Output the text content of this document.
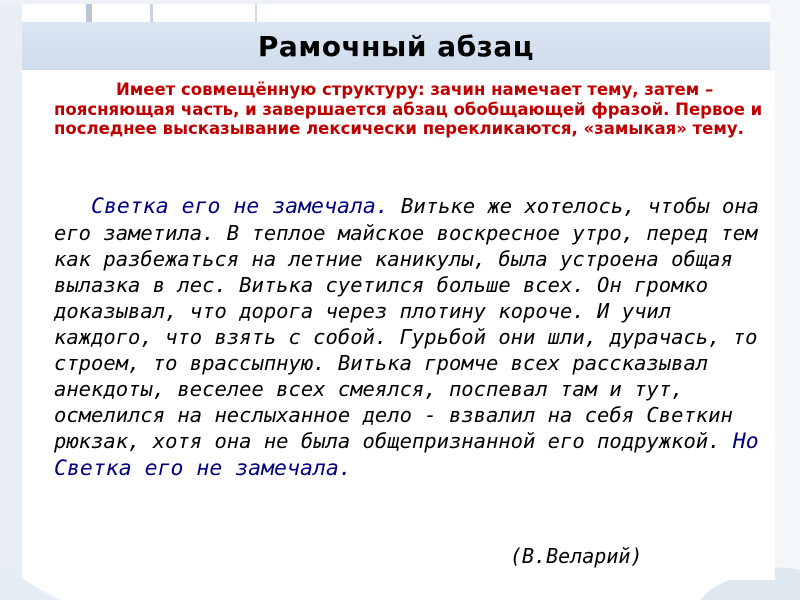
Рамочный абзац

Имеет совмещённую структуру: зачин намечает тему, затем – поясняющая часть, и завершается абзац обобщающей фразой. Первое и последнее высказывание лексически перекликаются, «замыкая» тему.

Светка его не замечала. Витьке же хотелось, чтобы она его заметила. В теплое майское воскресное утро, перед тем как разбежаться на летние каникулы, была устроена общая вылазка в лес. Витька суетился больше всех. Он громко доказывал, что дорога через плотину короче. И учил каждого, что взять с собой. Гурьбой они шли, дурачась, то строем, то врассыпную. Витька громче всех рассказывал анекдоты, веселее всех смеялся, поспевал там и тут, осмелился на неслыханное дело - взвалил на себя Светкин рюкзак, хотя она не была общепризнанной его подружкой. Но Светка его не замечала.

(В.Веларий)
